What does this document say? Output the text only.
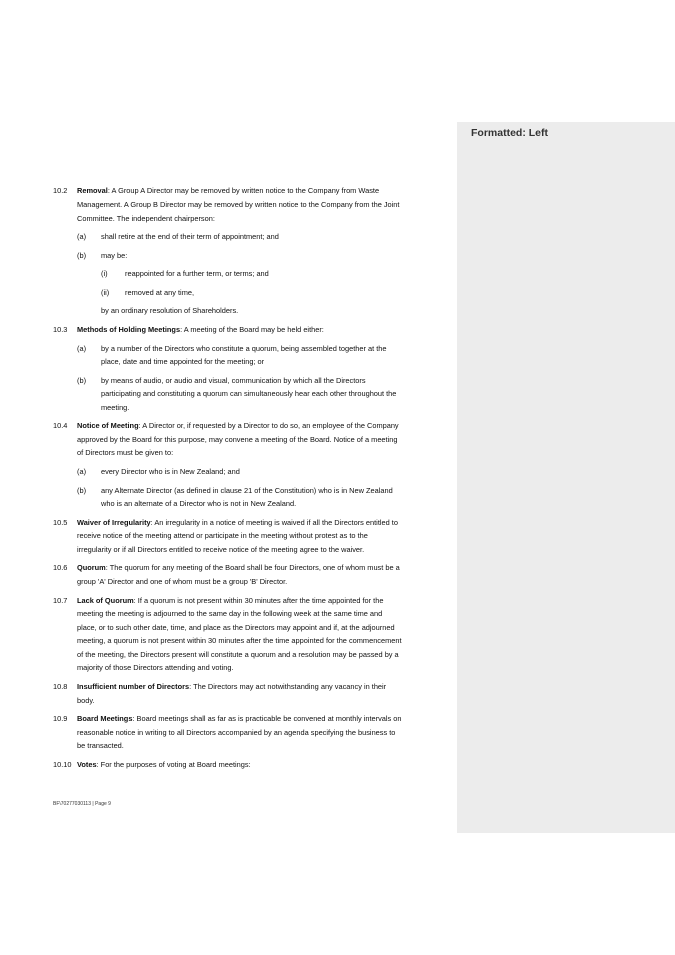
10.2 Removal: A Group A Director may be removed by written notice to the Company from Waste
Management. A Group B Director may be removed by written notice to the Company from the Joint
Committee. The independent chairperson:
(a) shall retire at the end of their term of appointment; and
(b) may be:
(i) reappointed for a further term, or terms; and
(ii) removed at any time,
by an ordinary resolution of Shareholders.
10.3 Methods of Holding Meetings: A meeting of the Board may be held either:
(a) by a number of the Directors who constitute a quorum, being assembled together at the
place, date and time appointed for the meeting; or
(b) by means of audio, or audio and visual, communication by which all the Directors
participating and constituting a quorum can simultaneously hear each other throughout the
meeting.
10.4 Notice of Meeting: A Director or, if requested by a Director to do so, an employee of the Company
approved by the Board for this purpose, may convene a meeting of the Board. Notice of a meeting
of Directors must be given to:
(a) every Director who is in New Zealand; and
(b) any Alternate Director (as defined in clause 21 of the Constitution) who is in New Zealand
who is an alternate of a Director who is not in New Zealand.
10.5 Waiver of Irregularity: An irregularity in a notice of meeting is waived if all the Directors entitled to
receive notice of the meeting attend or participate in the meeting without protest as to the
irregularity or if all Directors entitled to receive notice of the meeting agree to the waiver.
10.6 Quorum: The quorum for any meeting of the Board shall be four Directors, one of whom must be a
group 'A' Director and one of whom must be a group 'B' Director.
10.7 Lack of Quorum: If a quorum is not present within 30 minutes after the time appointed for the
meeting the meeting is adjourned to the same day in the following week at the same time and
place, or to such other date, time, and place as the Directors may appoint and if, at the adjourned
meeting, a quorum is not present within 30 minutes after the time appointed for the commencement
of the meeting, the Directors present will constitute a quorum and a resolution may be passed by a
majority of those Directors attending and voting.
10.8 Insufficient number of Directors: The Directors may act notwithstanding any vacancy in their
body.
10.9 Board Meetings: Board meetings shall as far as is practicable be convened at monthly intervals on
reasonable notice in writing to all Directors accompanied by an agenda specifying the business to
be transacted.
10.10 Votes: For the purposes of voting at Board meetings:
BF\70277030113 | Page 9
Formatted: Left
